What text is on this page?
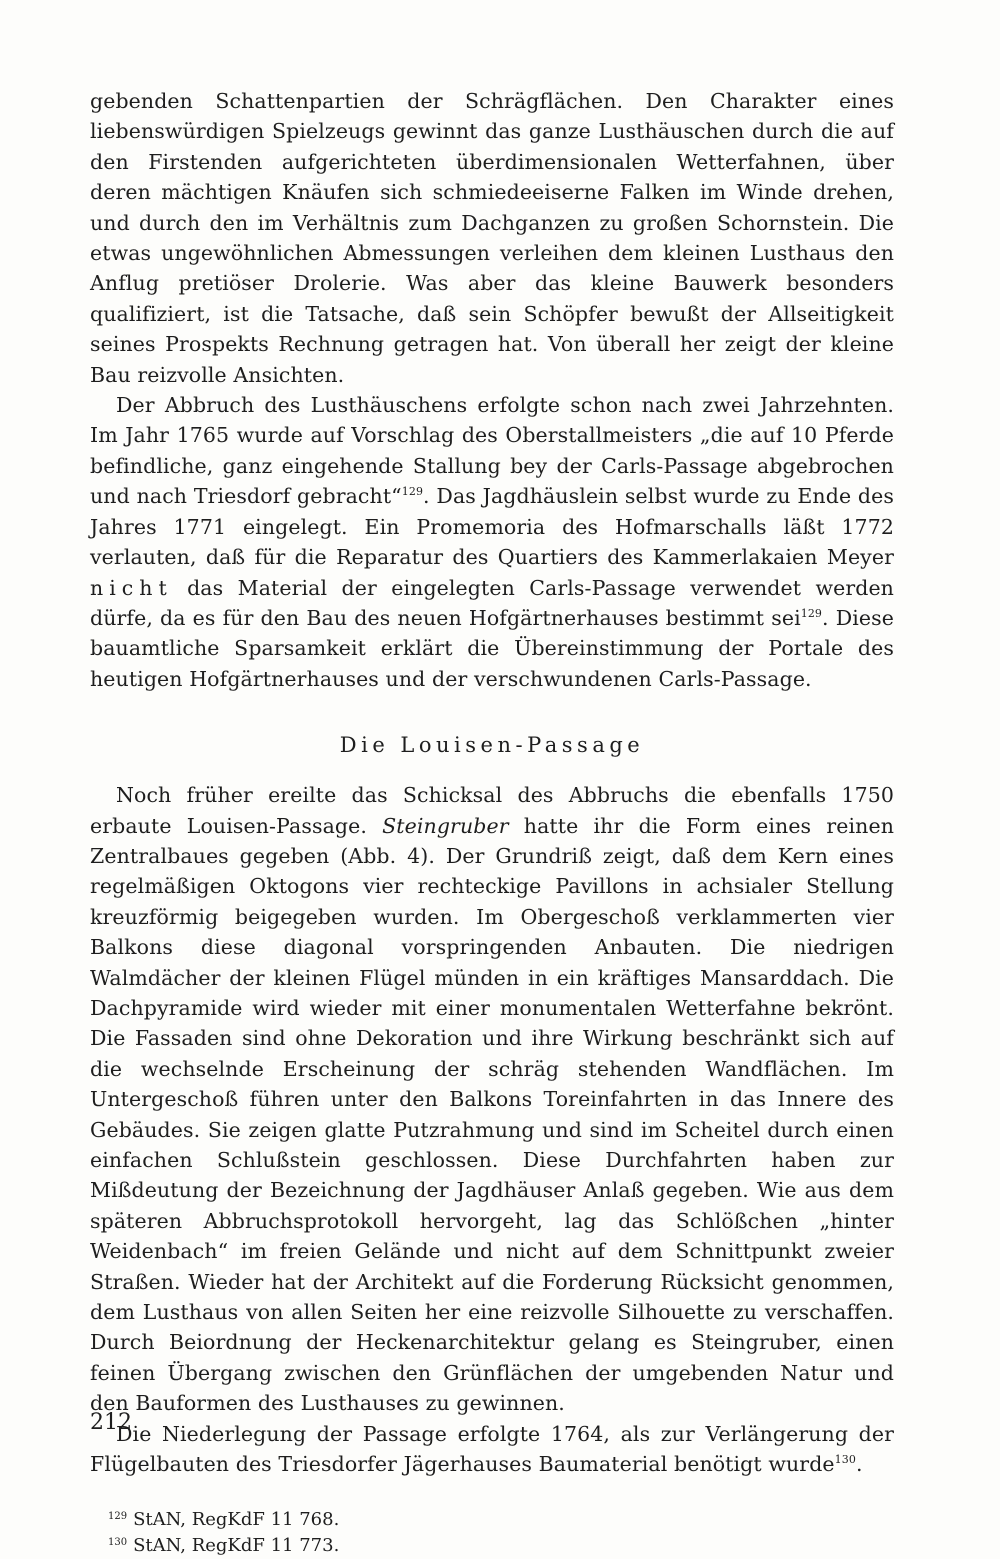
gebenden Schattenpartien der Schrägflächen. Den Charakter eines liebenswürdigen Spielzeugs gewinnt das ganze Lusthäuschen durch die auf den Firstenden aufgerichteten überdimensionalen Wetterfahnen, über deren mächtigen Knäufen sich schmiedeeiserne Falken im Winde drehen, und durch den im Verhältnis zum Dachganzen zu großen Schornstein. Die etwas ungewöhnlichen Abmessungen verleihen dem kleinen Lusthaus den Anflug pretiöser Drolerie. Was aber das kleine Bauwerk besonders qualifiziert, ist die Tatsache, daß sein Schöpfer bewußt der Allseitigkeit seines Prospekts Rechnung getragen hat. Von überall her zeigt der kleine Bau reizvolle Ansichten.

Der Abbruch des Lusthäuschens erfolgte schon nach zwei Jahrzehnten. Im Jahr 1765 wurde auf Vorschlag des Oberstallmeisters „die auf 10 Pferde befindliche, ganz eingehende Stallung bey der Carls-Passage abgebrochen und nach Triesdorf gebracht“$^{129}$. Das Jagdhäuslein selbst wurde zu Ende des Jahres 1771 eingelegt. Ein Promemoria des Hofmarschalls läßt 1772 verlauten, daß für die Reparatur des Quartiers des Kammerlakaien Meyer nicht das Material der eingelegten Carls-Passage verwendet werden dürfe, da es für den Bau des neuen Hofgärtnerhauses bestimmt sei$^{129}$. Diese bauamtliche Sparsamkeit erklärt die Übereinstimmung der Portale des heutigen Hofgärtnerhauses und der verschwundenen Carls-Passage.

Die Louisen-Passage

Noch früher ereilte das Schicksal des Abbruchs die ebenfalls 1750 erbaute Louisen-Passage. Steingruber hatte ihr die Form eines reinen Zentralbaues gegeben (Abb. 4). Der Grundriß zeigt, daß dem Kern eines regelmäßigen Oktogons vier rechteckige Pavillons in achsialer Stellung kreuzförmig beigegeben wurden. Im Obergeschoß verklammerten vier Balkons diese diagonal vorspringenden Anbauten. Die niedrigen Walmdächer der kleinen Flügel münden in ein kräftiges Mansarddach. Die Dachpyramide wird wieder mit einer monumentalen Wetterfahne bekrönt. Die Fassaden sind ohne Dekoration und ihre Wirkung beschränkt sich auf die wechselnde Erscheinung der schräg stehenden Wandflächen. Im Untergeschoß führen unter den Balkons Toreinfahrten in das Innere des Gebäudes. Sie zeigen glatte Putzrahmung und sind im Scheitel durch einen einfachen Schlußstein geschlossen. Diese Durchfahrten haben zur Mißdeutung der Bezeichnung der Jagdhäuser Anlaß gegeben. Wie aus dem späteren Abbruchsprotokoll hervorgeht, lag das Schlößchen „hinter Weidenbach“ im freien Gelände und nicht auf dem Schnittpunkt zweier Straßen. Wieder hat der Architekt auf die Forderung Rücksicht genommen, dem Lusthaus von allen Seiten her eine reizvolle Silhouette zu verschaffen. Durch Beiordnung der Heckenarchitektur gelang es Steingruber, einen feinen Übergang zwischen den Grünflächen der umgebenden Natur und den Bauformen des Lusthauses zu gewinnen.

Die Niederlegung der Passage erfolgte 1764, als zur Verlängerung der Flügelbauten des Triesdorfer Jägerhauses Baumaterial benötigt wurde$^{130}$.

$^{129}$ StAN, RegKdF 11 768.
$^{130}$ StAN, RegKdF 11 773.
212
